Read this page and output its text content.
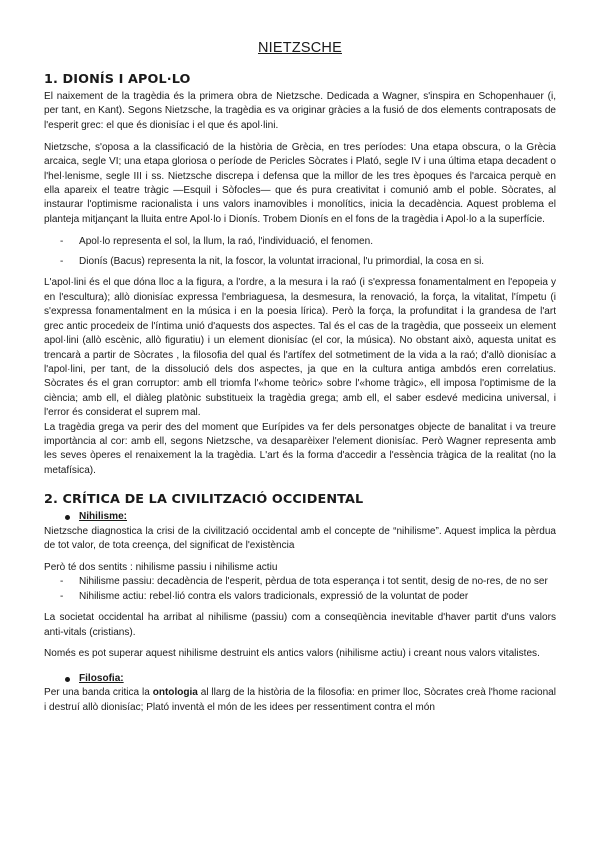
NIETZSCHE
1. DIONÍS I APOL·LO

El naixement de la tragèdia és la primera obra de Nietzsche. Dedicada a Wagner, s'inspira en Schopenhauer (i, per tant, en Kant). Segons Nietzsche, la tragèdia es va originar gràcies a la fusió de dos elements contraposats de l'esperit grec: el que és dionisíac i el que és apol·lini.

Nietzsche, s'oposa a la classificació de la història de Grècia, en tres períodes: Una etapa obscura, o la Grècia arcaica, segle VI; una etapa gloriosa o període de Pericles Sòcrates i Plató, segle IV i una última etapa decadent o l'hel·lenisme, segle III i ss. Nietzsche discrepa i defensa que la millor de les tres èpoques és l'arcaica perquè en ella apareix el teatre tràgic —Esquil i Sòfocles— que és pura creativitat i comunió amb el poble. Sòcrates, al instaurar l'optimisme racionalista i uns valors inamovibles i monolítics, inicia la decadència. Aquest problema el planteja mitjançant la lluita entre Apol·lo i Dionís. Trobem Dionís en el fons de la tragèdia i Apol·lo a la superfície.

- Apol·lo representa el sol, la llum, la raó, l'individuació, el fenomen.
- Dionís (Bacus) representa la nit, la foscor, la voluntat irracional, l'u primordial, la cosa en si.

L'apol·lini és el que dóna lloc a la figura, a l'ordre, a la mesura i la raó (i s'expressa fonamentalment en l'epopeia y en l'escultura); allò dionisíac expressa l'embriaguesa, la desmesura, la renovació, la força, la vitalitat, l'ímpetu (i s'expressa fonamentalment en la música i en la poesia lírica). Però la força, la profunditat i la grandesa de l'art grec antic procedeix de l'íntima unió d'aquests dos aspectes. Tal és el cas de la tragèdia, que posseeix un element apol·lini (allò escènic, allò figuratiu) i un element dionisíac (el cor, la música). No obstant això, aquesta unitat es trencarà a partir de Sòcrates , la filosofia del qual és l'artífex del sotmetiment de la vida a la raó; d'allò dionisíac a l'apol·lini, per tant, de la dissolució dels dos aspectes, ja que en la cultura antiga ambdós eren correlatius. Sòcrates és el gran corruptor: amb ell triomfa l'«home teòric» sobre l'«home tràgic», ell imposa l'optimisme de la ciència; amb ell, el diàleg platònic substitueix la tragèdia grega; amb ell, el saber esdevé medicina universal, i l'error és considerat el suprem mal.

La tragèdia grega va perir des del moment que Eurípides va fer dels personatges objecte de banalitat i va treure importància al cor: amb ell, segons Nietzsche, va desaparèixer l'element dionisíac. Però Wagner representa amb les seves òperes el renaixement la la tragèdia. L'art és la forma d'accedir a l'essència tràgica de la realitat (no la metafísica).

2. CRÍTICA DE LA CIVILITZACIÓ OCCIDENTAL
Nihilisme:

Nietzsche diagnostica la crisi de la civilització occidental amb el concepte de “nihilisme”. Aquest implica la pèrdua de tot valor, de tota creença, del significat de l'existència

Però té dos sentits : nihilisme passiu i nihilisme actiu

- Nihilisme passiu: decadència de l'esperit, pèrdua de tota esperança i tot sentit, desig de no-res, de no ser
- Nihilisme actiu: rebel·lió contra els valors tradicionals, expressió de la voluntat de poder

La societat occidental ha arribat al nihilisme (passiu) com a conseqüència inevitable d'haver partit d'uns valors anti-vitals (cristians).

Només es pot superar aquest nihilisme destruint els antics valors (nihilisme actiu) i creant nous valors vitalistes.

Filosofia:

Per una banda critica la ontologia al llarg de la història de la filosofia: en primer lloc, Sòcrates creà l'home racional i destruí allò dionisíac; Plató inventà el món de les idees per ressentiment contra el món
